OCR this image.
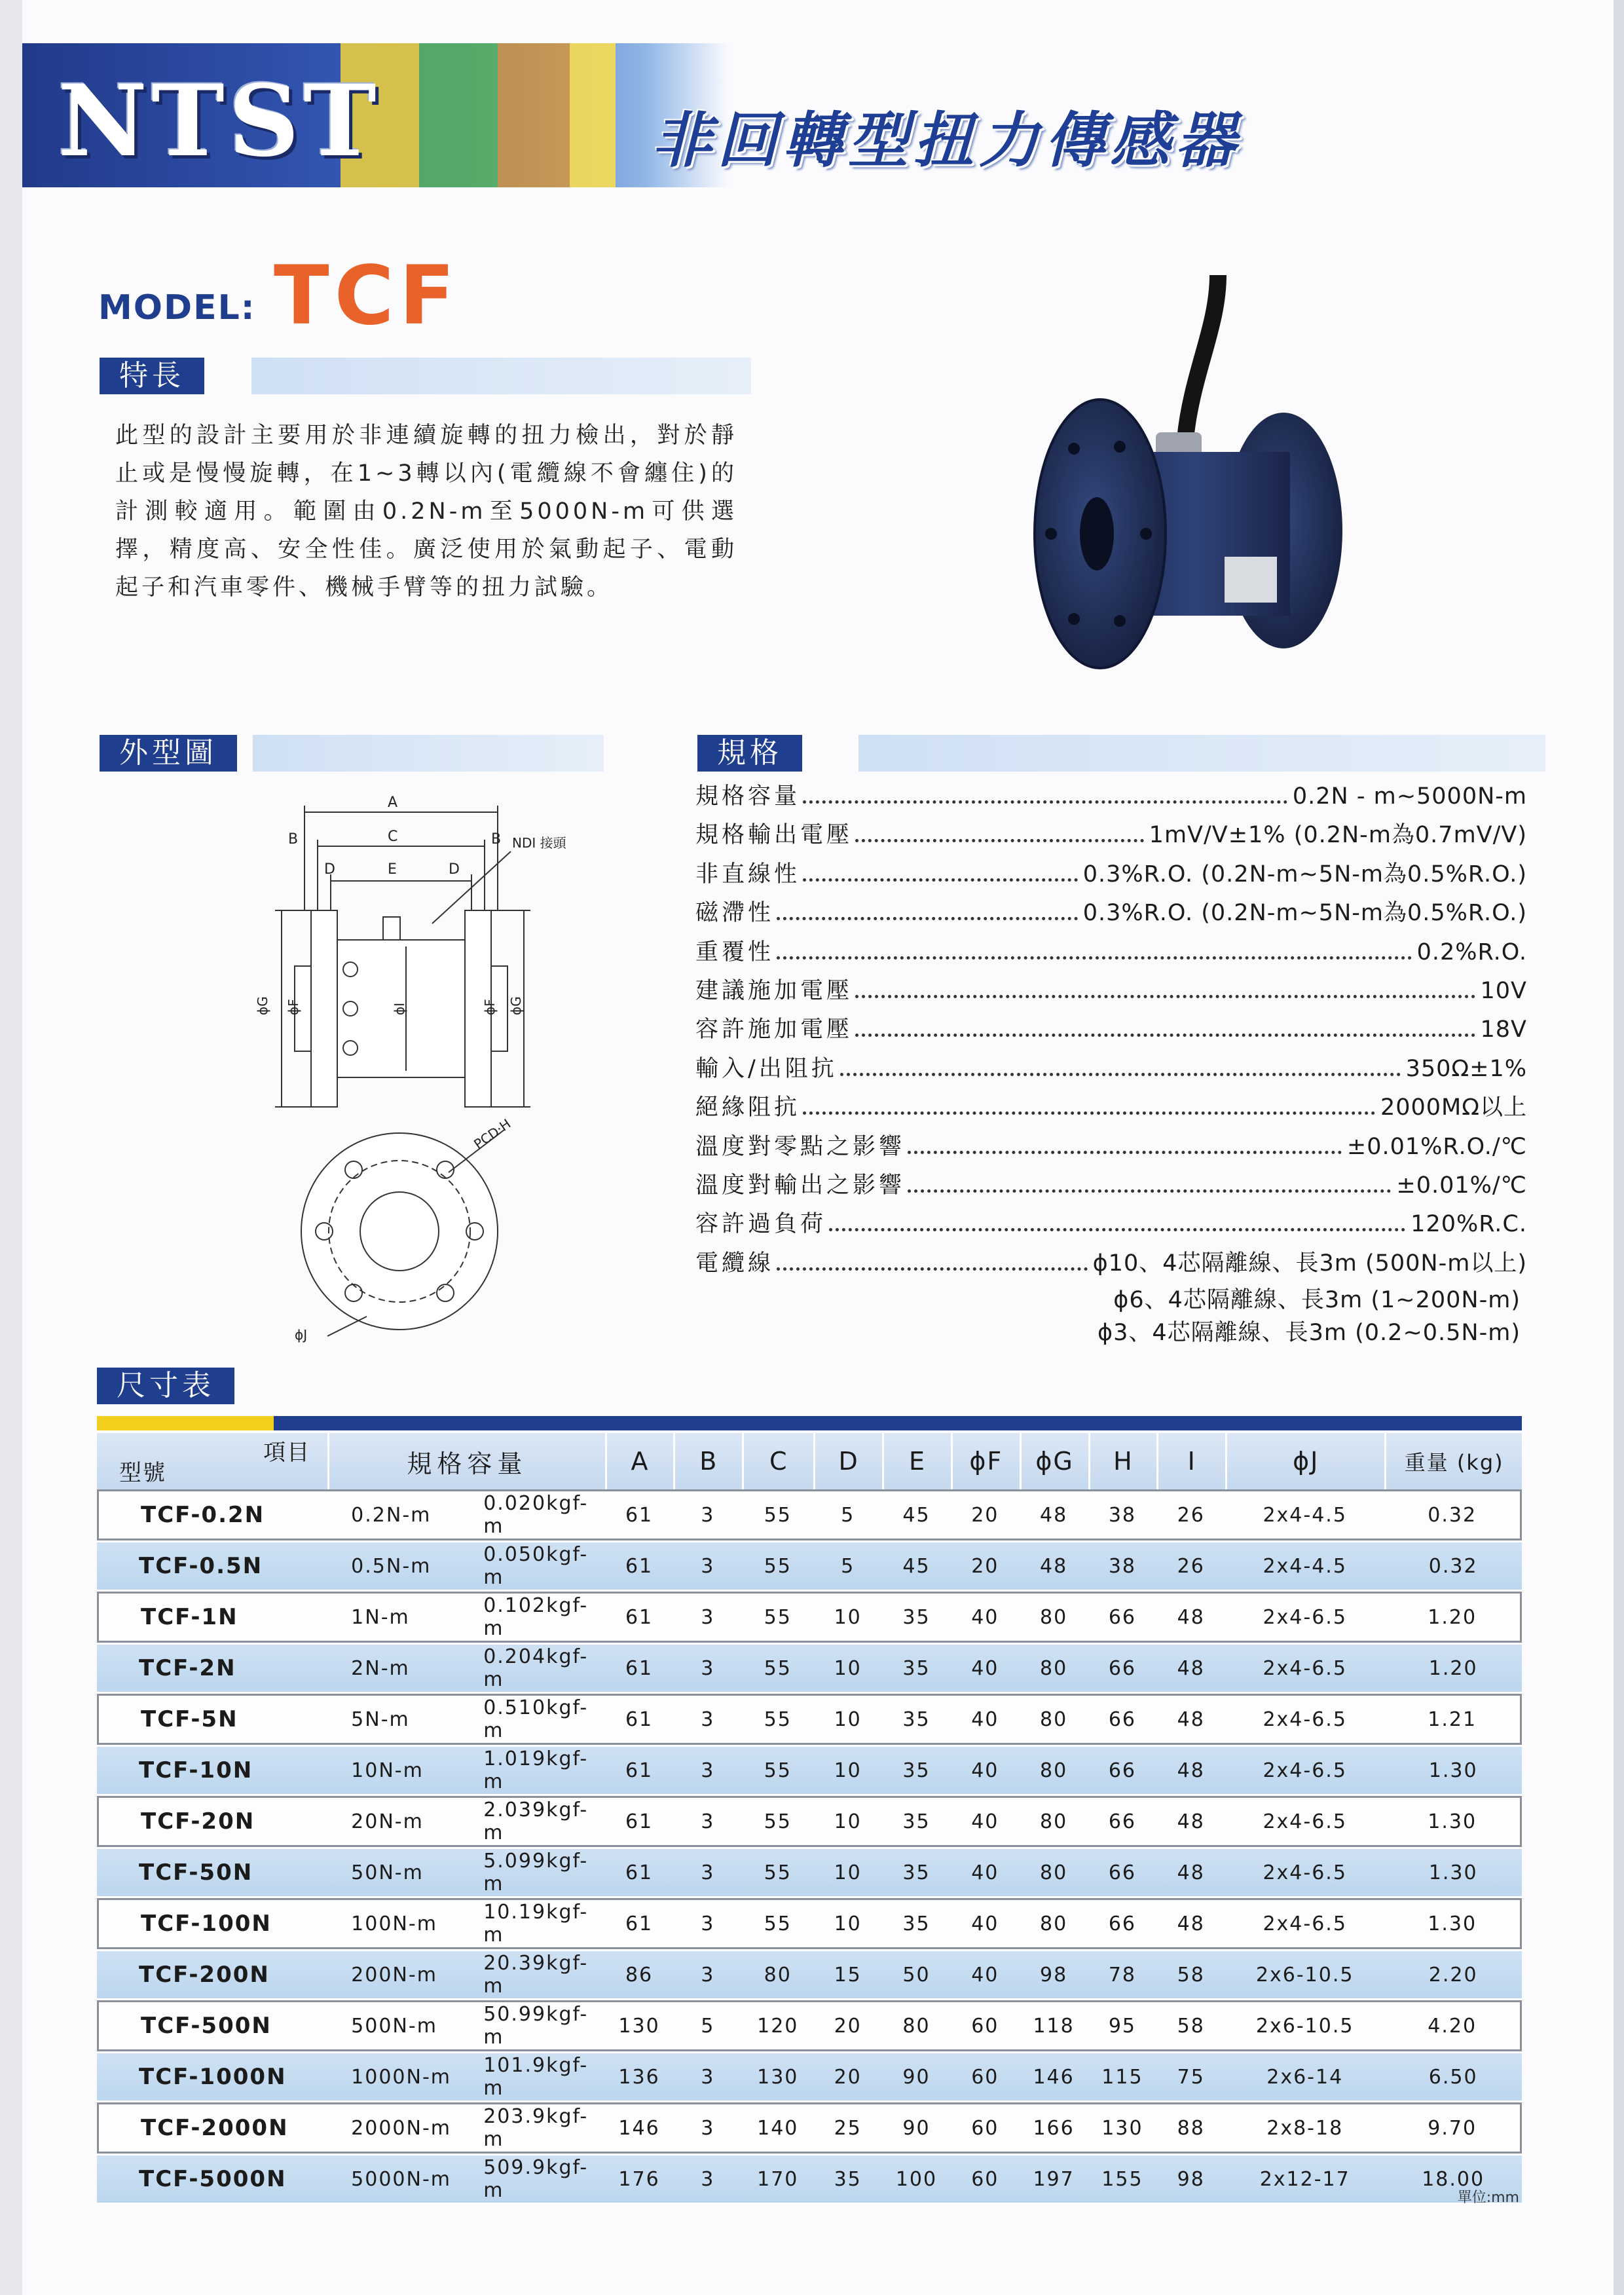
NTST	非回轉型扭力傳感器
MODEL: TCF
特長
此型的設計主要用於非連續旋轉的扭力檢出，對於靜止或是慢慢旋轉，在1~3轉以內(電纜線不會纏住)的計測較適用。範圍由0.2N-m至5000N-m可供選擇，精度高、安全性佳。廣泛使用於氣動起子、電動起子和汽車零件、機械手臂等的扭力試驗。
外型圖
A
B	C	B
D	E	D
NDI 接頭
ϕG ϕF	ϕI	ϕF ϕG
PCD‧H
ϕJ
規格
規格容量	0.2N - m~5000N-m
規格輸出電壓	1mV/V±1% (0.2N-m為0.7mV/V)
非直線性	0.3%R.O. (0.2N-m~5N-m為0.5%R.O.)
磁滯性	0.3%R.O. (0.2N-m~5N-m為0.5%R.O.)
重覆性	0.2%R.O.
建議施加電壓	10V
容許施加電壓	18V
輸入/出阻抗	350Ω±1%
絕緣阻抗	2000MΩ以上
溫度對零點之影響	±0.01%R.O./℃
溫度對輸出之影響	±0.01%/℃
容許過負荷	120%R.C.
電纜線	ϕ10、4芯隔離線、長3m (500N-m以上)
ϕ6、4芯隔離線、長3m (1~200N-m)
ϕ3、4芯隔離線、長3m (0.2~0.5N-m)
尺寸表
項目
型號	規格容量		A	B	C	D	E	ϕF	ϕG	H	I	ϕJ	重量 (kg)
TCF-0.2N	0.2N-m	0.020kgf-m	61	3	55	5	45	20	48	38	26	2x4-4.5	0.32
TCF-0.5N	0.5N-m	0.050kgf-m	61	3	55	5	45	20	48	38	26	2x4-4.5	0.32
TCF-1N	1N-m	0.102kgf-m	61	3	55	10	35	40	80	66	48	2x4-6.5	1.20
TCF-2N	2N-m	0.204kgf-m	61	3	55	10	35	40	80	66	48	2x4-6.5	1.20
TCF-5N	5N-m	0.510kgf-m	61	3	55	10	35	40	80	66	48	2x4-6.5	1.21
TCF-10N	10N-m	1.019kgf-m	61	3	55	10	35	40	80	66	48	2x4-6.5	1.30
TCF-20N	20N-m	2.039kgf-m	61	3	55	10	35	40	80	66	48	2x4-6.5	1.30
TCF-50N	50N-m	5.099kgf-m	61	3	55	10	35	40	80	66	48	2x4-6.5	1.30
TCF-100N	100N-m	10.19kgf-m	61	3	55	10	35	40	80	66	48	2x4-6.5	1.30
TCF-200N	200N-m	20.39kgf-m	86	3	80	15	50	40	98	78	58	2x6-10.5	2.20
TCF-500N	500N-m	50.99kgf-m	130	5	120	20	80	60	118	95	58	2x6-10.5	4.20
TCF-1000N	1000N-m	101.9kgf-m	136	3	130	20	90	60	146	115	75	2x6-14	6.50
TCF-2000N	2000N-m	203.9kgf-m	146	3	140	25	90	60	166	130	88	2x8-18	9.70
TCF-5000N	5000N-m	509.9kgf-m	176	3	170	35	100	60	197	155	98	2x12-17	18.00
單位:mm
